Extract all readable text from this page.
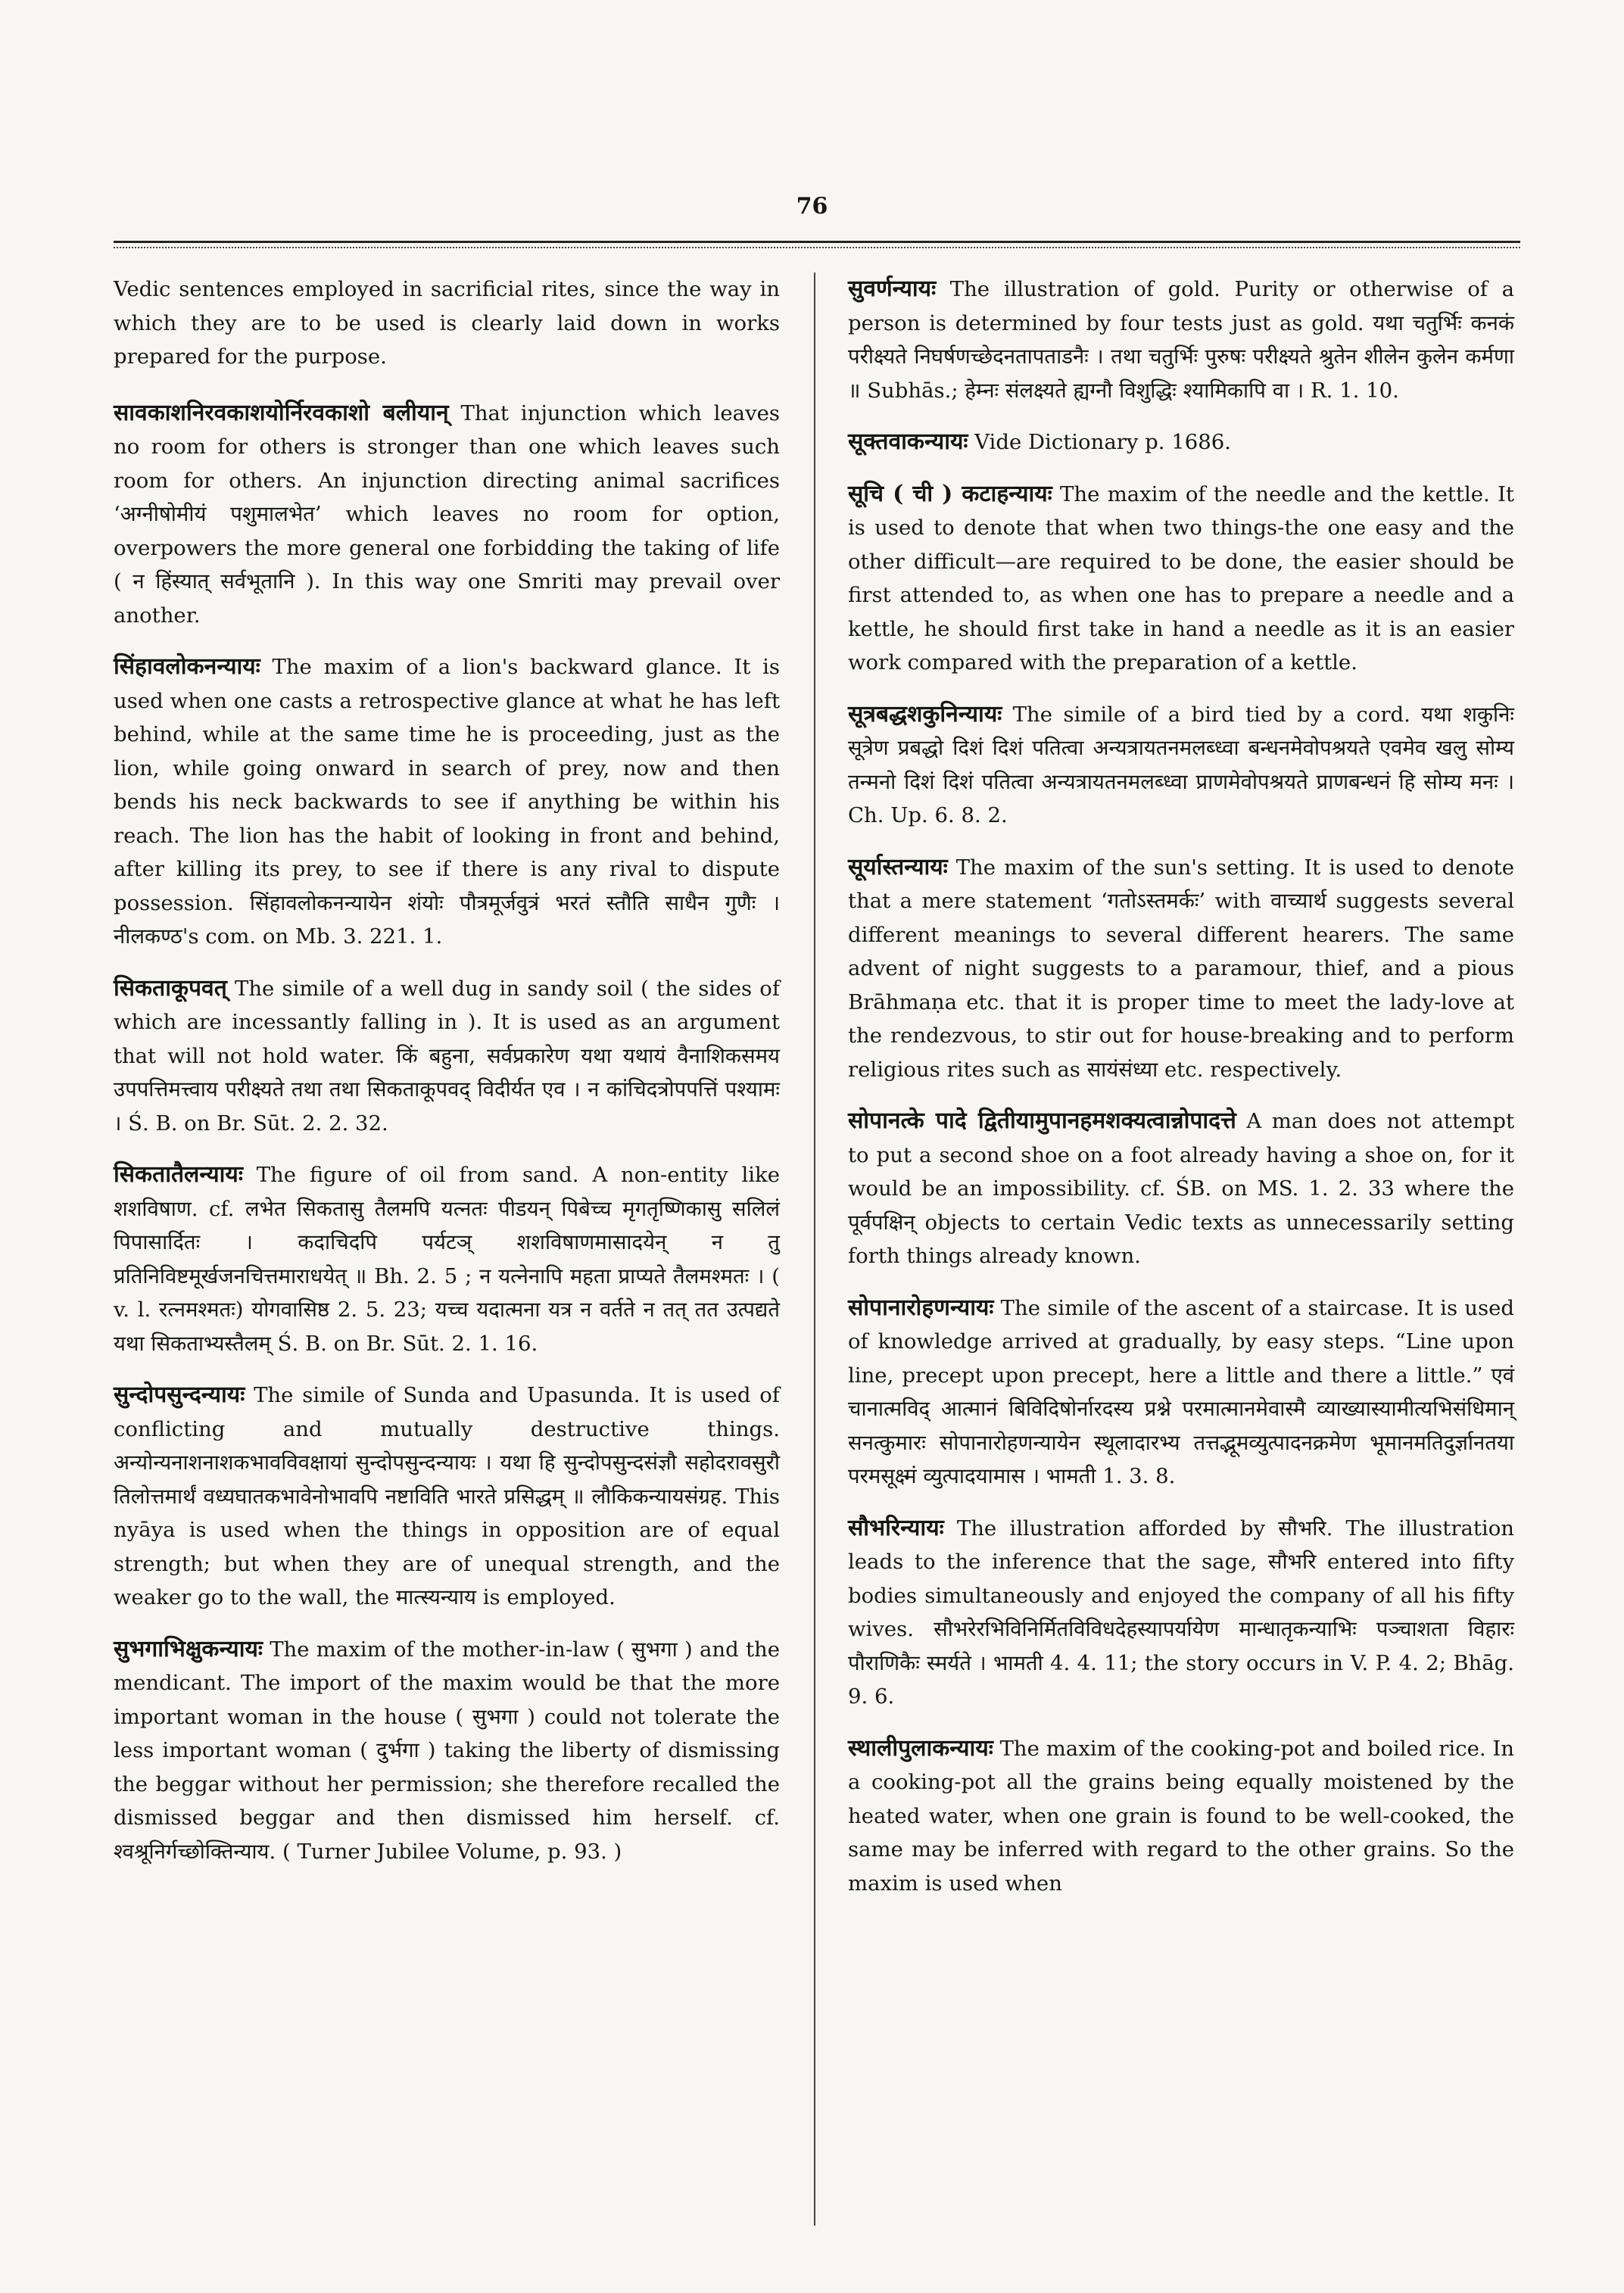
76

Vedic sentences employed in sacrificial rites, since the way in which they are to be used is clearly laid down in works prepared for the purpose.

सावकाशनिरवकाशयोर्निरवकाशो बलीयान् That injunction which leaves no room for others is stronger than one which leaves such room for others. An injunction directing animal sacrifices ‘अग्नीषोमीयं पशुमालभेत’ which leaves no room for option, overpowers the more general one forbidding the taking of life ( न हिंस्यात् सर्वभूतानि ). In this way one Smriti may prevail over another.

सिंहावलोकनन्यायः The maxim of a lion's backward glance. It is used when one casts a retrospective glance at what he has left behind, while at the same time he is proceeding, just as the lion, while going onward in search of prey, now and then bends his neck backwards to see if anything be within his reach. The lion has the habit of looking in front and behind, after killing its prey, to see if there is any rival to dispute possession. सिंहावलोकनन्यायेन शंयोः पौत्रमूर्जवुत्रं भरतं स्तौति साधैन गुणैः । नीलकण्ठ's com. on Mb. 3. 221. 1.

सिकताकूपवत् The simile of a well dug in sandy soil ( the sides of which are incessantly falling in ). It is used as an argument that will not hold water. किं बहुना, सर्वप्रकारेण यथा यथायं वैनाशिकसमय उपपत्तिमत्त्वाय परीक्ष्यते तथा तथा सिकताकूपवद् विदीर्यत एव । न कांचिदत्रोपपत्तिं पश्यामः । Ś. B. on Br. Sūt. 2. 2. 32.

सिकतातैलन्यायः The figure of oil from sand. A non-entity like शशविषाण. cf. लभेत सिकतासु तैलमपि यत्नतः पीडयन् पिबेच्च मृगतृष्णिकासु सलिलं पिपासार्दितः । कदाचिदपि पर्यटञ् शशविषाणमासादयेन् न तु प्रतिनिविष्टमूर्खजनचित्तमाराधयेत् ॥ Bh. 2. 5 ; न यत्नेनापि महता प्राप्यते तैलमश्मतः । ( v. l. रत्नमश्मतः) योगवासिष्ठ 2. 5. 23; यच्च यदात्मना यत्र न वर्तते न तत् तत उत्पद्यते यथा सिकताभ्यस्तैलम् Ś. B. on Br. Sūt. 2. 1. 16.

सुन्दोपसुन्दन्यायः The simile of Sunda and Upasunda. It is used of conflicting and mutually destructive things. अन्योन्यनाशनाशकभावविवक्षायां सुन्दोपसुन्दन्यायः । यथा हि सुन्दोपसुन्दसंज्ञौ सहोदरावसुरौ तिलोत्तमार्थं वध्यघातकभावेनोभावपि नष्टाविति भारते प्रसिद्धम् ॥ लौकिकन्यायसंग्रह. This nyāya is used when the things in opposition are of equal strength; but when they are of unequal strength, and the weaker go to the wall, the मात्स्यन्याय is employed.

सुभगाभिक्षुकन्यायः The maxim of the mother-in-law ( सुभगा ) and the mendicant. The import of the maxim would be that the more important woman in the house ( सुभगा ) could not tolerate the less important woman ( दुर्भगा ) taking the liberty of dismissing the beggar without her permission; she therefore recalled the dismissed beggar and then dismissed him herself. cf. श्वश्रूनिर्गच्छोक्तिन्याय. ( Turner Jubilee Volume, p. 93. )

सुवर्णन्यायः The illustration of gold. Purity or otherwise of a person is determined by four tests just as gold. यथा चतुर्भिः कनकं परीक्ष्यते निघर्षणच्छेदनतापताडनैः । तथा चतुर्भिः पुरुषः परीक्ष्यते श्रुतेन शीलेन कुलेन कर्मणा ॥ Subhās.; हेम्नः संलक्ष्यते ह्यग्नौ विशुद्धिः श्यामिकापि वा । R. 1. 10.

सूक्तवाकन्यायः Vide Dictionary p. 1686.

सूचि ( ची ) कटाहन्यायः The maxim of the needle and the kettle. It is used to denote that when two things-the one easy and the other difficult—are required to be done, the easier should be first attended to, as when one has to prepare a needle and a kettle, he should first take in hand a needle as it is an easier work compared with the preparation of a kettle.

सूत्रबद्धशकुनिन्यायः The simile of a bird tied by a cord. यथा शकुनिः सूत्रेण प्रबद्धो दिशं दिशं पतित्वा अन्यत्रायतनमलब्ध्वा बन्धनमेवोपश्रयते एवमेव खलु सोम्य तन्मनो दिशं दिशं पतित्वा अन्यत्रायतनमलब्ध्वा प्राणमेवोपश्रयते प्राणबन्धनं हि सोम्य मनः । Ch. Up. 6. 8. 2.

सूर्यास्तन्यायः The maxim of the sun's setting. It is used to denote that a mere statement ‘गतोऽस्तमर्कः’ with वाच्यार्थ suggests several different meanings to several different hearers. The same advent of night suggests to a paramour, thief, and a pious Brāhmaṇa etc. that it is proper time to meet the lady-love at the rendezvous, to stir out for house-breaking and to perform religious rites such as सायंसंध्या etc. respectively.

सोपानत्के पादे द्वितीयामुपानहमशक्यत्वान्नोपादत्ते A man does not attempt to put a second shoe on a foot already having a shoe on, for it would be an impossibility. cf. ŚB. on MS. 1. 2. 33 where the पूर्वपक्षिन् objects to certain Vedic texts as unnecessarily setting forth things already known.

सोपानारोहणन्यायः The simile of the ascent of a staircase. It is used of knowledge arrived at gradually, by easy steps. “Line upon line, precept upon precept, here a little and there a little.” एवं चानात्मविद् आत्मानं बिविदिषोर्नारदस्य प्रश्ने परमात्मानमेवास्मै व्याख्यास्यामीत्यभिसंधिमान् सनत्कुमारः सोपानारोहणन्यायेन स्थूलादारभ्य तत्तद्भूमव्युत्पादनक्रमेण भूमानमतिदुर्ज्ञानतया परमसूक्ष्मं व्युत्पादयामास । भामती 1. 3. 8.

सौभरिन्यायः The illustration afforded by सौभरि. The illustration leads to the inference that the sage, सौभरि entered into fifty bodies simultaneously and enjoyed the company of all his fifty wives. सौभरेरभिविनिर्मितविविधदेहस्यापर्यायेण मान्धातृकन्याभिः पञ्चाशता विहारः पौराणिकैः स्मर्यते । भामती 4. 4. 11; the story occurs in V. P. 4. 2; Bhāg. 9. 6.

स्थालीपुलाकन्यायः The maxim of the cooking-pot and boiled rice. In a cooking-pot all the grains being equally moistened by the heated water, when one grain is found to be well-cooked, the same may be inferred with regard to the other grains. So the maxim is used when
